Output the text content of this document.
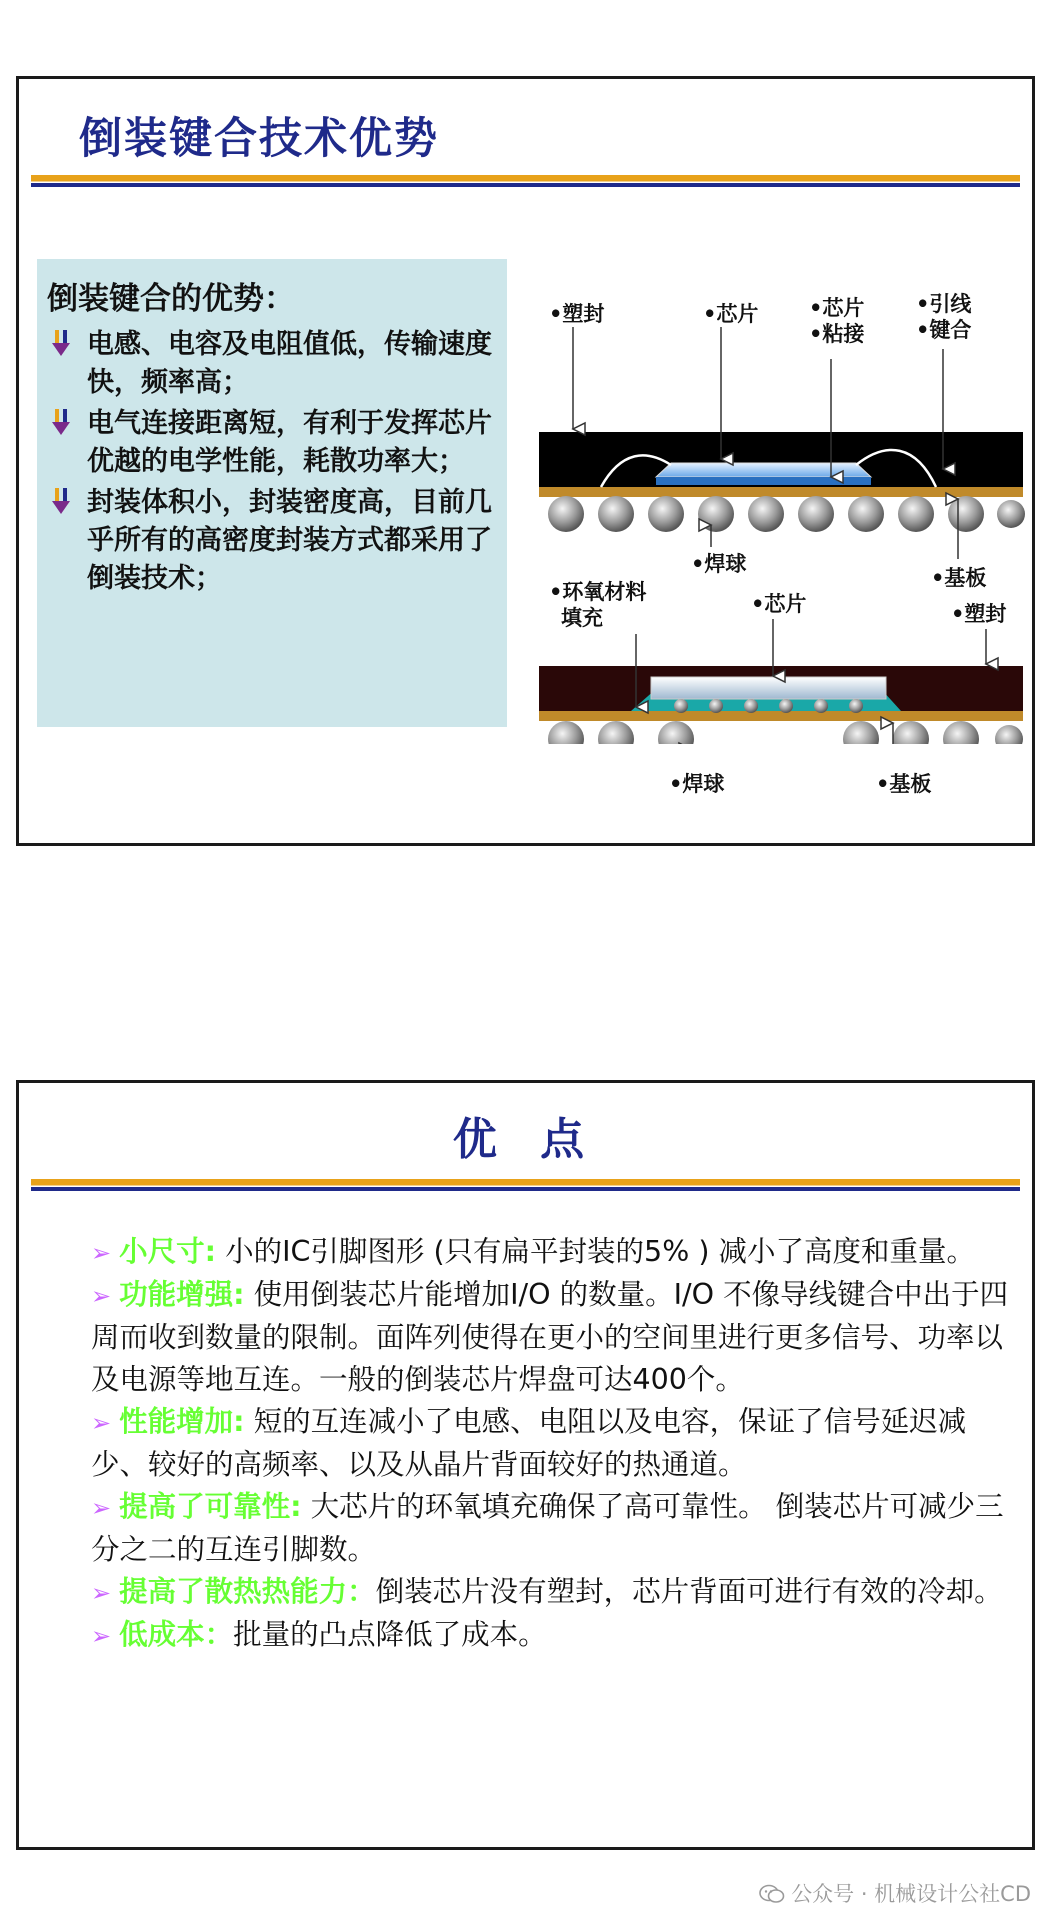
倒装键合技术优势
倒装键合的优势：
电感、电容及电阻值低，传输速度快，频率高；
电气连接距离短，有利于发挥芯片优越的电学性能，耗散功率大；
封装体积小，封装密度高，目前几乎所有的高密度封装方式都采用了倒装技术；
•塑封	•芯片 •芯片
•粘接
•引线
•键合
•焊球
•基板
•环氧材料
填充
•芯片	•塑封
•焊球	•基板
优 点

➢ 小尺寸: 小的IC引脚图形 (只有扁平封装的5% ) 减小了高度和重量。

➢ 功能增强: 使用倒装芯片能增加I/O 的数量。I/O 不像导线键合中出于四周而收到数量的限制。面阵列使得在更小的空间里进行更多信号、功率以及电源等地互连。一般的倒装芯片焊盘可达400个。

➢ 性能增加: 短的互连减小了电感、电阻以及电容，保证了信号延迟减少、较好的高频率、以及从晶片背面较好的热通道。

➢ 提高了可靠性: 大芯片的环氧填充确保了高可靠性。 倒装芯片可减少三分之二的互连引脚数。

➢ 提高了散热热能力：倒装芯片没有塑封，芯片背面可进行有效的冷却。

➢ 低成本：批量的凸点降低了成本。

公众号 · 机械设计公社CD
